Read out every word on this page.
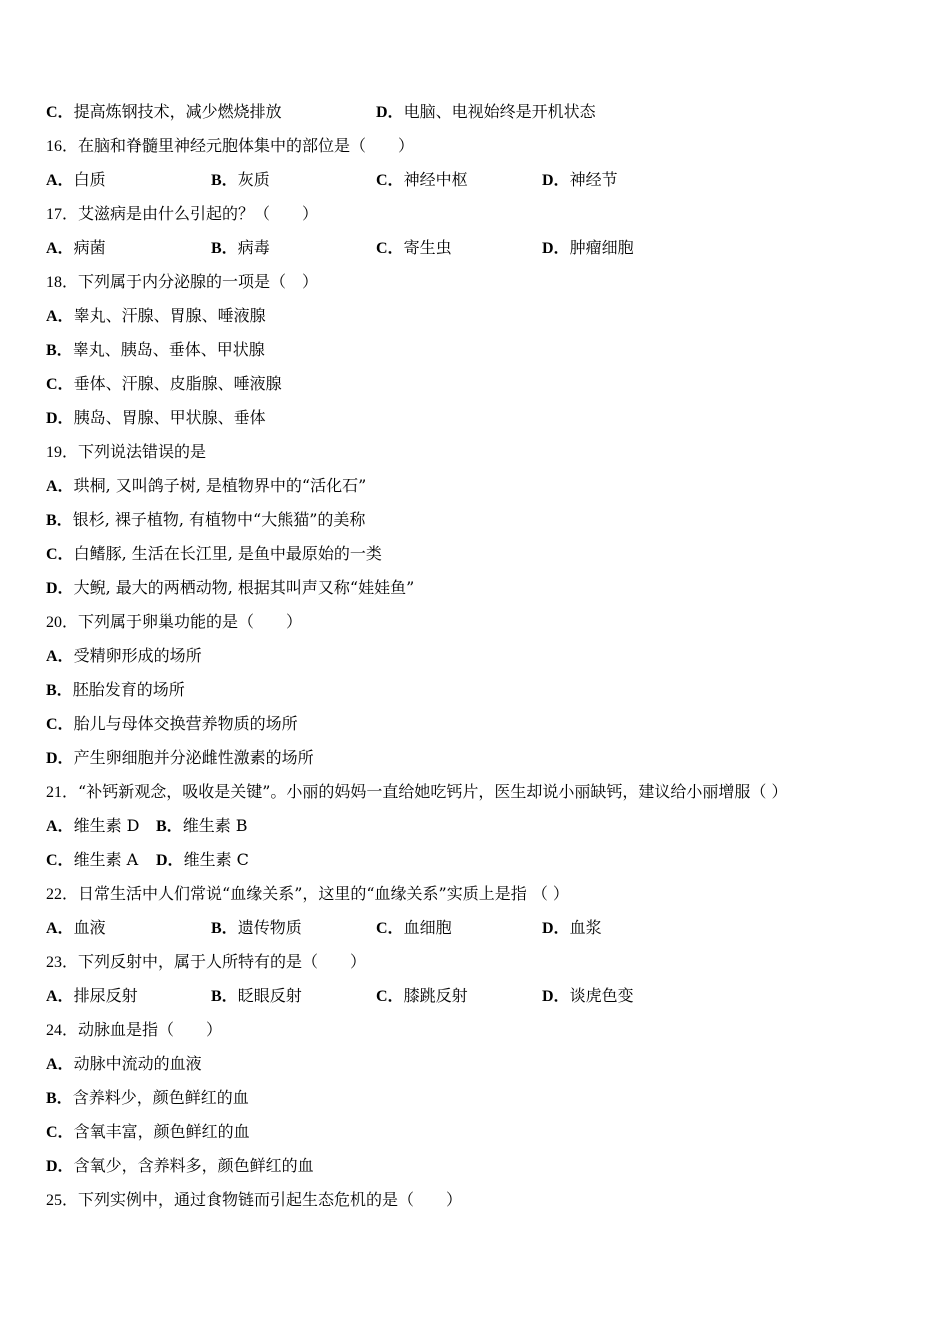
C．提高炼钢技术，减少燃烧排放	D．电脑、电视始终是开机状态
16．在脑和脊髓里神经元胞体集中的部位是（　　）
A．白质	B．灰质	C．神经中枢	D．神经节
17．艾滋病是由什么引起的？（　　）
A．病菌	B．病毒	C．寄生虫	D．肿瘤细胞
18．下列属于内分泌腺的一项是（　）
A．睾丸、汗腺、胃腺、唾液腺
B．睾丸、胰岛、垂体、甲状腺
C．垂体、汗腺、皮脂腺、唾液腺
D．胰岛、胃腺、甲状腺、垂体
19．下列说法错误的是
A．珙桐, 又叫鸽子树, 是植物界中的“活化石”
B．银杉, 裸子植物, 有植物中“大熊猫”的美称
C．白鳍豚, 生活在长江里, 是鱼中最原始的一类
D．大鲵, 最大的两栖动物, 根据其叫声又称“娃娃鱼”
20．下列属于卵巢功能的是（　　）
A．受精卵形成的场所
B．胚胎发育的场所
C．胎儿与母体交换营养物质的场所
D．产生卵细胞并分泌雌性激素的场所
21．“补钙新观念，吸收是关键”。小丽的妈妈一直给她吃钙片，医生却说小丽缺钙，建议给小丽增服（ ）
A．维生素 D B．维生素 B
C．维生素 A D．维生素 C
22．日常生活中人们常说“血缘关系”，这里的“血缘关系”实质上是指 （ ）
A．血液	B．遗传物质	C．血细胞	D．血浆
23．下列反射中，属于人所特有的是（　　）
A．排尿反射	B．眨眼反射	C．膝跳反射	D．谈虎色变
24．动脉血是指（　　）
A．动脉中流动的血液
B．含养料少，颜色鲜红的血
C．含氧丰富，颜色鲜红的血
D．含氧少，含养料多，颜色鲜红的血
25．下列实例中，通过食物链而引起生态危机的是（　　）
